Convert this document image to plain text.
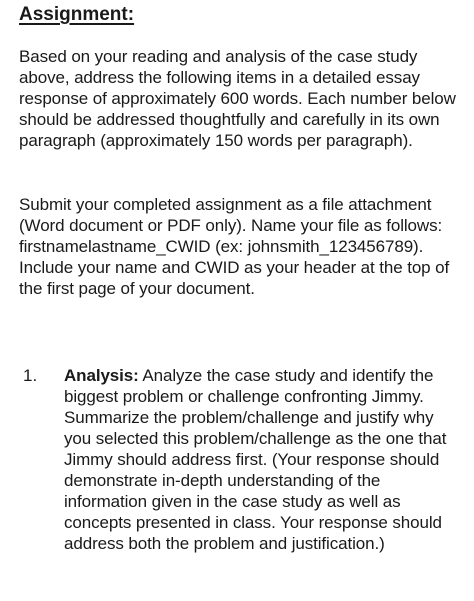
Assignment:
Based on your reading and analysis of the case study above, address the following items in a detailed essay response of approximately 600 words. Each number below should be addressed thoughtfully and carefully in its own paragraph (approximately 150 words per paragraph).
Submit your completed assignment as a file attachment (Word document or PDF only). Name your file as follows: firstnamelastname_CWID (ex: johnsmith_123456789). Include your name and CWID as your header at the top of the first page of your document.
1. Analysis: Analyze the case study and identify the biggest problem or challenge confronting Jimmy. Summarize the problem/challenge and justify why you selected this problem/challenge as the one that Jimmy should address first. (Your response should demonstrate in-depth understanding of the information given in the case study as well as concepts presented in class. Your response should address both the problem and justification.)
